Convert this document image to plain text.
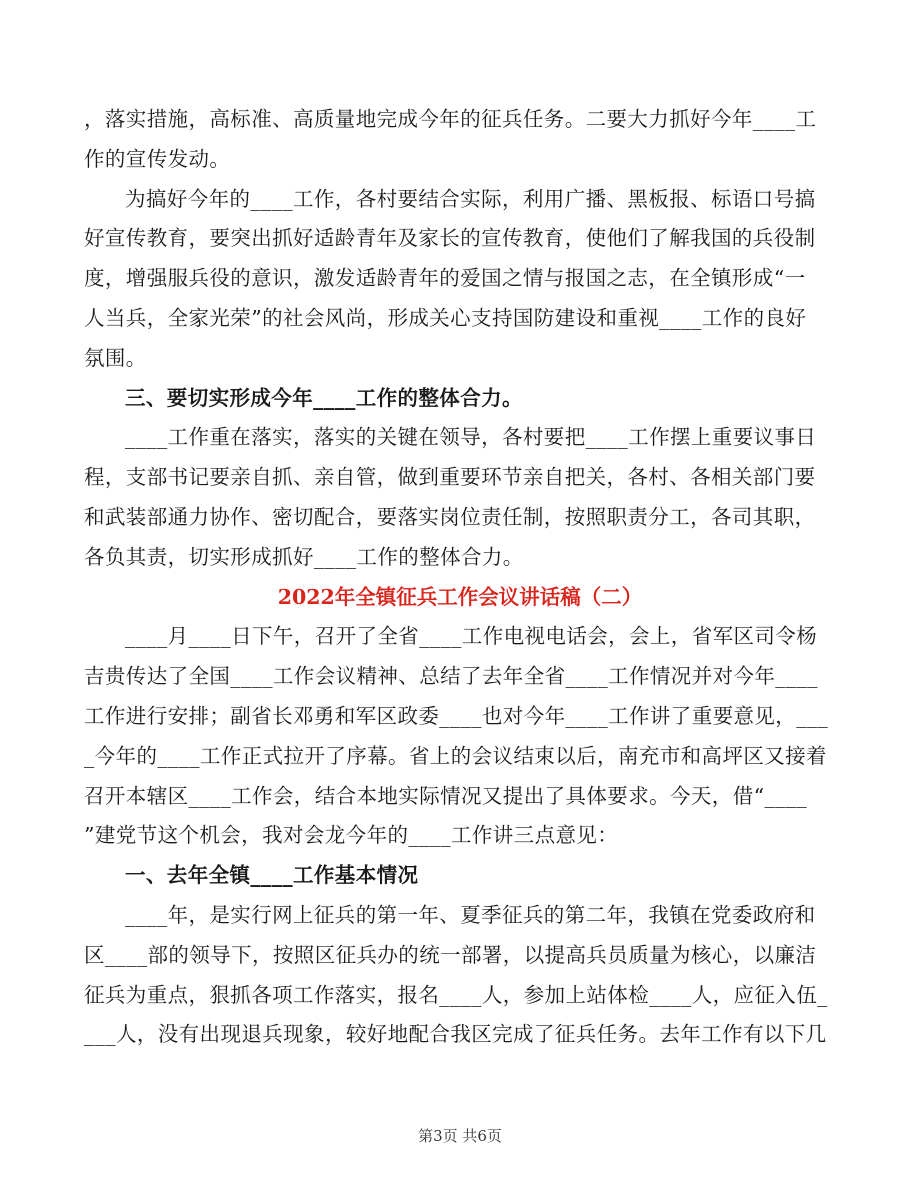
，落实措施，高标准、高质量地完成今年的征兵任务。二要大力抓好今年____工
作的宣传发动。
为搞好今年的____工作，各村要结合实际，利用广播、黑板报、标语口号搞
好宣传教育，要突出抓好适龄青年及家长的宣传教育，使他们了解我国的兵役制
度，增强服兵役的意识，激发适龄青年的爱国之情与报国之志，在全镇形成“一
人当兵，全家光荣”的社会风尚，形成关心支持国防建设和重视____工作的良好
氛围。
三、要切实形成今年____工作的整体合力。
____工作重在落实，落实的关键在领导，各村要把____工作摆上重要议事日
程，支部书记要亲自抓、亲自管，做到重要环节亲自把关，各村、各相关部门要
和武装部通力协作、密切配合，要落实岗位责任制，按照职责分工，各司其职，
各负其责，切实形成抓好____工作的整体合力。
2022年全镇征兵工作会议讲话稿（二）
____月____日下午，召开了全省____工作电视电话会，会上，省军区司令杨
吉贵传达了全国____工作会议精神、总结了去年全省____工作情况并对今年____
工作进行安排；副省长邓勇和军区政委____也对今年____工作讲了重要意见，___
_今年的____工作正式拉开了序幕。省上的会议结束以后，南充市和高坪区又接着
召开本辖区____工作会，结合本地实际情况又提出了具体要求。今天，借“____
”建党节这个机会，我对会龙今年的____工作讲三点意见：
一、去年全镇____工作基本情况
____年，是实行网上征兵的第一年、夏季征兵的第二年，我镇在党委政府和
区____部的领导下，按照区征兵办的统一部署，以提高兵员质量为核心，以廉洁
征兵为重点，狠抓各项工作落实，报名____人，参加上站体检____人，应征入伍_
___人，没有出现退兵现象，较好地配合我区完成了征兵任务。去年工作有以下几
第3页 共6页
